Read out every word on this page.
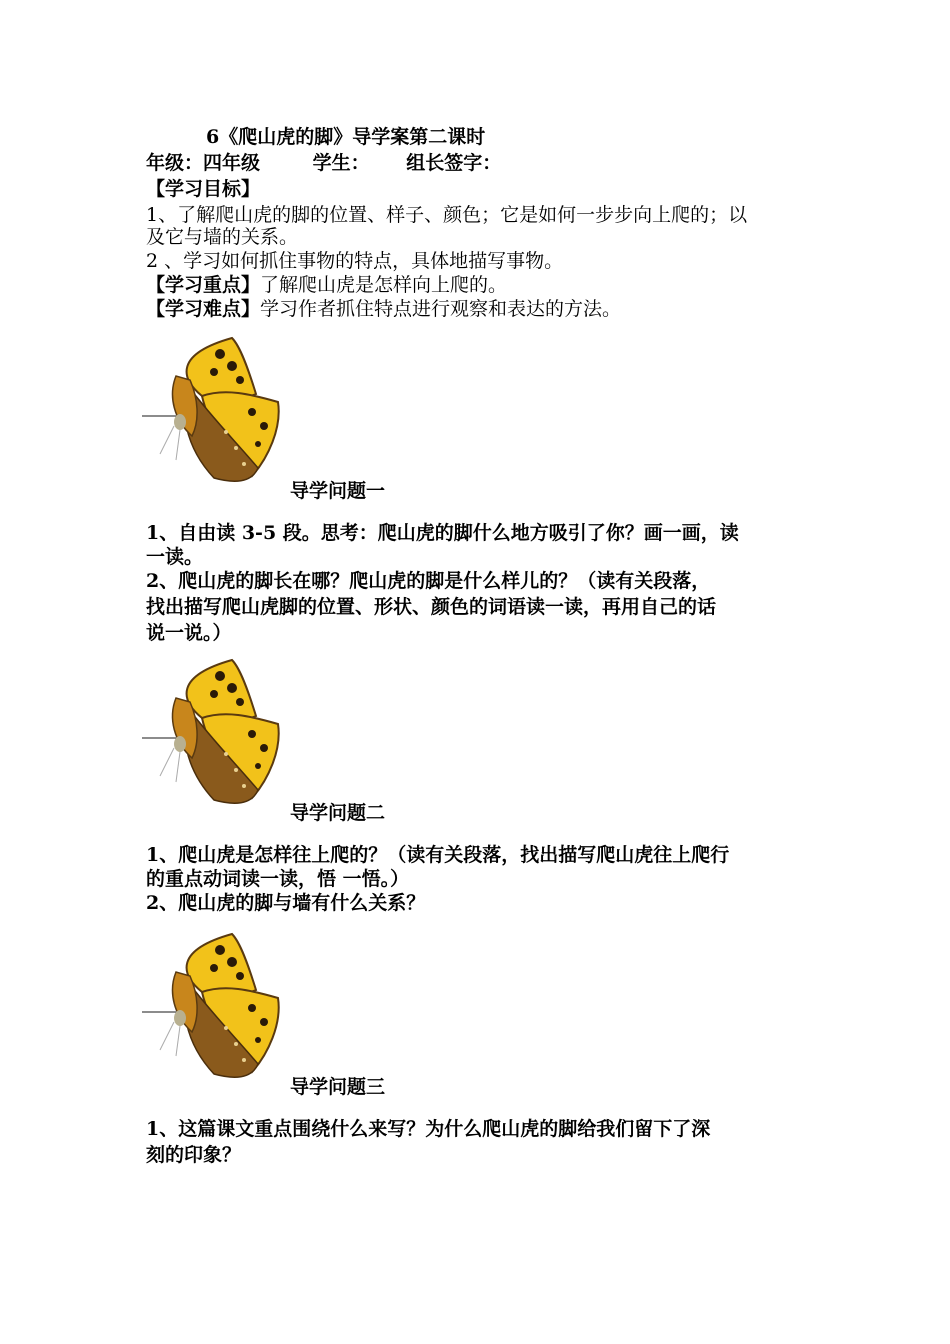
6《爬山虎的脚》导学案第二课时
年级：四年级	学生： 组长签字：
【学习目标】
1、了解爬山虎的脚的位置、样子、颜色；它是如何一步步向上爬的；以
及它与墙的关系。
2 、学习如何抓住事物的特点，具体地描写事物。
【学习重点】了解爬山虎是怎样向上爬的。
【学习难点】学习作者抓住特点进行观察和表达的方法。
导学问题一
1、自由读 3-5 段。思考：爬山虎的脚什么地方吸引了你？画一画，读
一读。
2、爬山虎的脚长在哪？爬山虎的脚是什么样儿的？（读有关段落，
找出描写爬山虎脚的位置、形状、颜色的词语读一读，再用自己的话
说一说。）
导学问题二
1、爬山虎是怎样往上爬的？（读有关段落，找出描写爬山虎往上爬行
的重点动词读一读，悟 一悟。）
2、爬山虎的脚与墙有什么关系？
导学问题三
1、这篇课文重点围绕什么来写？为什么爬山虎的脚给我们留下了深
刻的印象？
